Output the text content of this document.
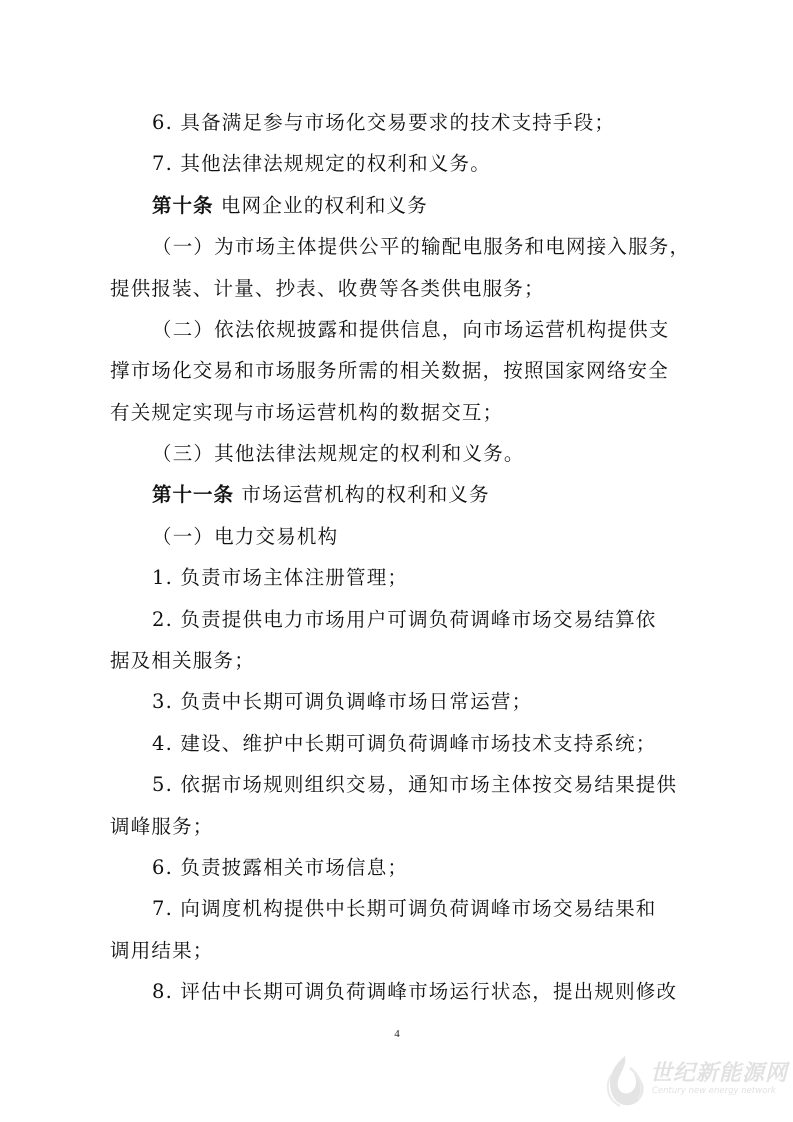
6. 具备满足参与市场化交易要求的技术支持手段；
7. 其他法律法规规定的权利和义务。
第十条 电网企业的权利和义务
（一）为市场主体提供公平的输配电服务和电网接入服务，
提供报装、计量、抄表、收费等各类供电服务；
（二）依法依规披露和提供信息，向市场运营机构提供支
撑市场化交易和市场服务所需的相关数据，按照国家网络安全
有关规定实现与市场运营机构的数据交互；
（三）其他法律法规规定的权利和义务。
第十一条 市场运营机构的权利和义务
（一）电力交易机构
1. 负责市场主体注册管理；
2. 负责提供电力市场用户可调负荷调峰市场交易结算依
据及相关服务；
3. 负责中长期可调负调峰市场日常运营；
4. 建设、维护中长期可调负荷调峰市场技术支持系统；
5. 依据市场规则组织交易，通知市场主体按交易结果提供
调峰服务；
6. 负责披露相关市场信息；
7. 向调度机构提供中长期可调负荷调峰市场交易结果和
调用结果；
8. 评估中长期可调负荷调峰市场运行状态，提出规则修改
4
世纪新能源网
Century new energy network
